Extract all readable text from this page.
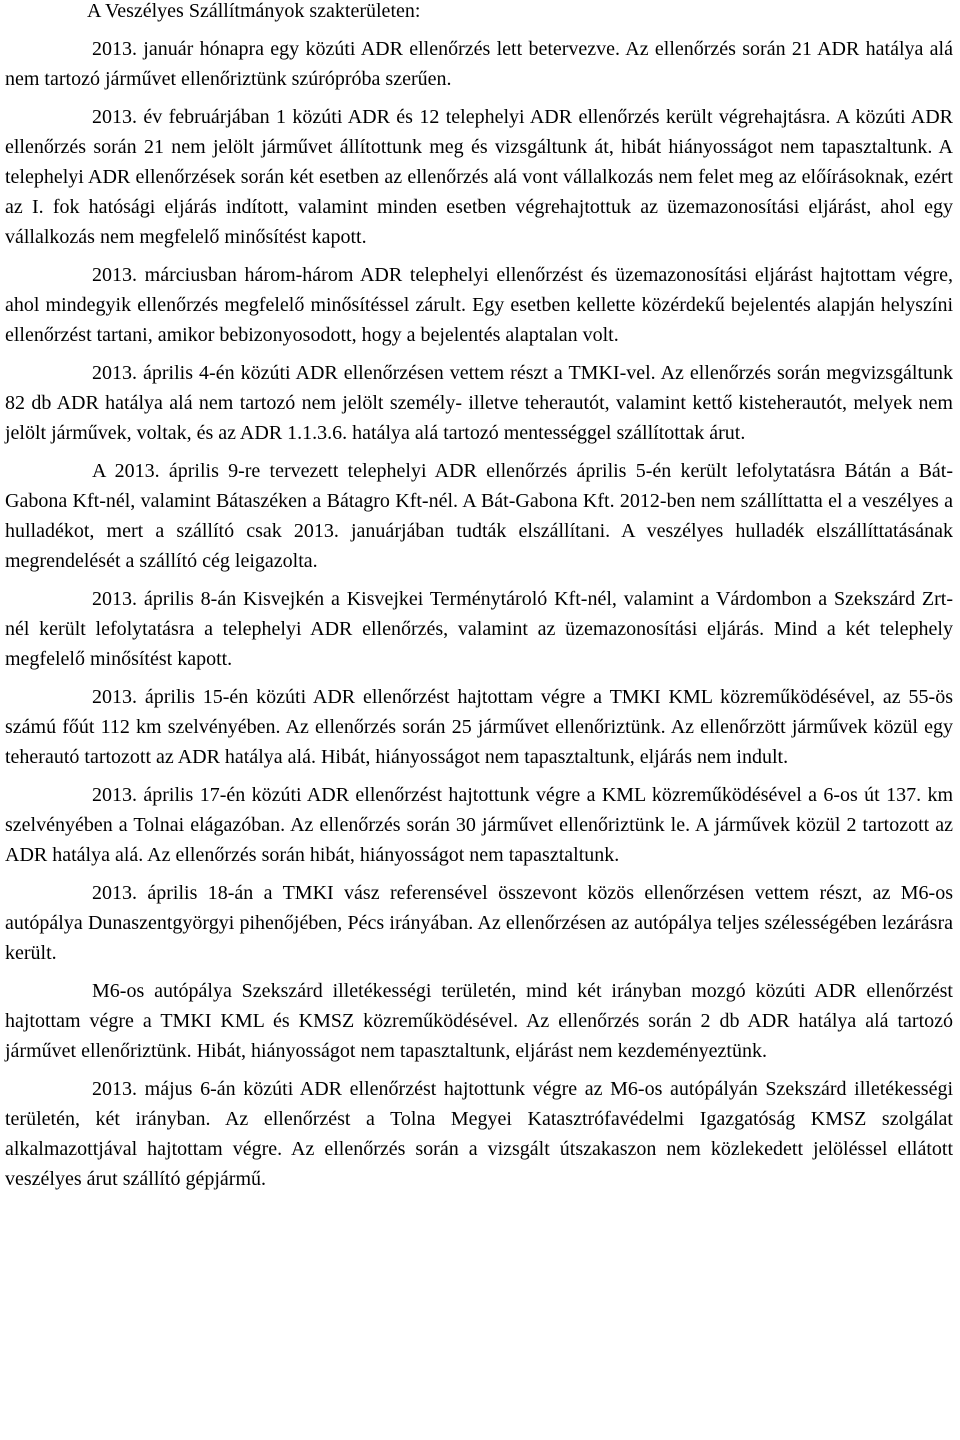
A Veszélyes Szállítmányok szakterületen:

2013. január hónapra egy közúti ADR ellenőrzés lett betervezve. Az ellenőrzés során 21 ADR hatálya alá nem tartozó járművet ellenőriztünk szúrópróba szerűen.

2013. év februárjában 1 közúti ADR és 12 telephelyi ADR ellenőrzés került végrehajtásra. A közúti ADR ellenőrzés során 21 nem jelölt járművet állítottunk meg és vizsgáltunk át, hibát hiányosságot nem tapasztaltunk. A telephelyi ADR ellenőrzések során két esetben az ellenőrzés alá vont vállalkozás nem felet meg az előírásoknak, ezért az I. fok hatósági eljárás indított, valamint minden esetben végrehajtottuk az üzemazonosítási eljárást, ahol egy vállalkozás nem megfelelő minősítést kapott.

2013. márciusban három-három ADR telephelyi ellenőrzést és üzemazonosítási eljárást hajtottam végre, ahol mindegyik ellenőrzés megfelelő minősítéssel zárult. Egy esetben kellette közérdekű bejelentés alapján helyszíni ellenőrzést tartani, amikor bebizonyosodott, hogy a bejelentés alaptalan volt.

2013. április 4-én közúti ADR ellenőrzésen vettem részt a TMKI-vel. Az ellenőrzés során megvizsgáltunk 82 db ADR hatálya alá nem tartozó nem jelölt személy- illetve teherautót, valamint kettő kisteherautót, melyek nem jelölt járművek, voltak, és az ADR 1.1.3.6. hatálya alá tartozó mentességgel szállítottak árut.

A 2013. április 9-re tervezett telephelyi ADR ellenőrzés április 5-én került lefolytatásra Bátán a Bát-Gabona Kft-nél, valamint Bátaszéken a Bátagro Kft-nél. A Bát-Gabona Kft. 2012-ben nem szállíttatta el a veszélyes a hulladékot, mert a szállító csak 2013. januárjában tudták elszállítani. A veszélyes hulladék elszállíttatásának megrendelését a szállító cég leigazolta.

2013. április 8-án Kisvejkén a Kisvejkei Terménytároló Kft-nél, valamint a Várdombon a Szekszárd Zrt-nél került lefolytatásra a telephelyi ADR ellenőrzés, valamint az üzemazonosítási eljárás. Mind a két telephely megfelelő minősítést kapott.

2013. április 15-én közúti ADR ellenőrzést hajtottam végre a TMKI KML közreműködésével, az 55-ös számú főút 112 km szelvényében. Az ellenőrzés során 25 járművet ellenőriztünk. Az ellenőrzött járművek közül egy teherautó tartozott az ADR hatálya alá. Hibát, hiányosságot nem tapasztaltunk, eljárás nem indult.

2013. április 17-én közúti ADR ellenőrzést hajtottunk végre a KML közreműködésével a 6-os út 137. km szelvényében a Tolnai elágazóban. Az ellenőrzés során 30 járművet ellenőriztünk le. A járművek közül 2 tartozott az ADR hatálya alá. Az ellenőrzés során hibát, hiányosságot nem tapasztaltunk.

2013. április 18-án a TMKI vász referensével összevont közös ellenőrzésen vettem részt, az M6-os autópálya Dunaszentgyörgyi pihenőjében, Pécs irányában. Az ellenőrzésen az autópálya teljes szélességében lezárásra került.

M6-os autópálya Szekszárd illetékességi területén, mind két irányban mozgó közúti ADR ellenőrzést hajtottam végre a TMKI KML és KMSZ közreműködésével. Az ellenőrzés során 2 db ADR hatálya alá tartozó járművet ellenőriztünk. Hibát, hiányosságot nem tapasztaltunk, eljárást nem kezdeményeztünk.

2013. május 6-án közúti ADR ellenőrzést hajtottunk végre az M6-os autópályán Szekszárd illetékességi területén, két irányban. Az ellenőrzést a Tolna Megyei Katasztrófavédelmi Igazgatóság KMSZ szolgálat alkalmazottjával hajtottam végre. Az ellenőrzés során a vizsgált útszakaszon nem közlekedett jelöléssel ellátott veszélyes árut szállító gépjármű.
